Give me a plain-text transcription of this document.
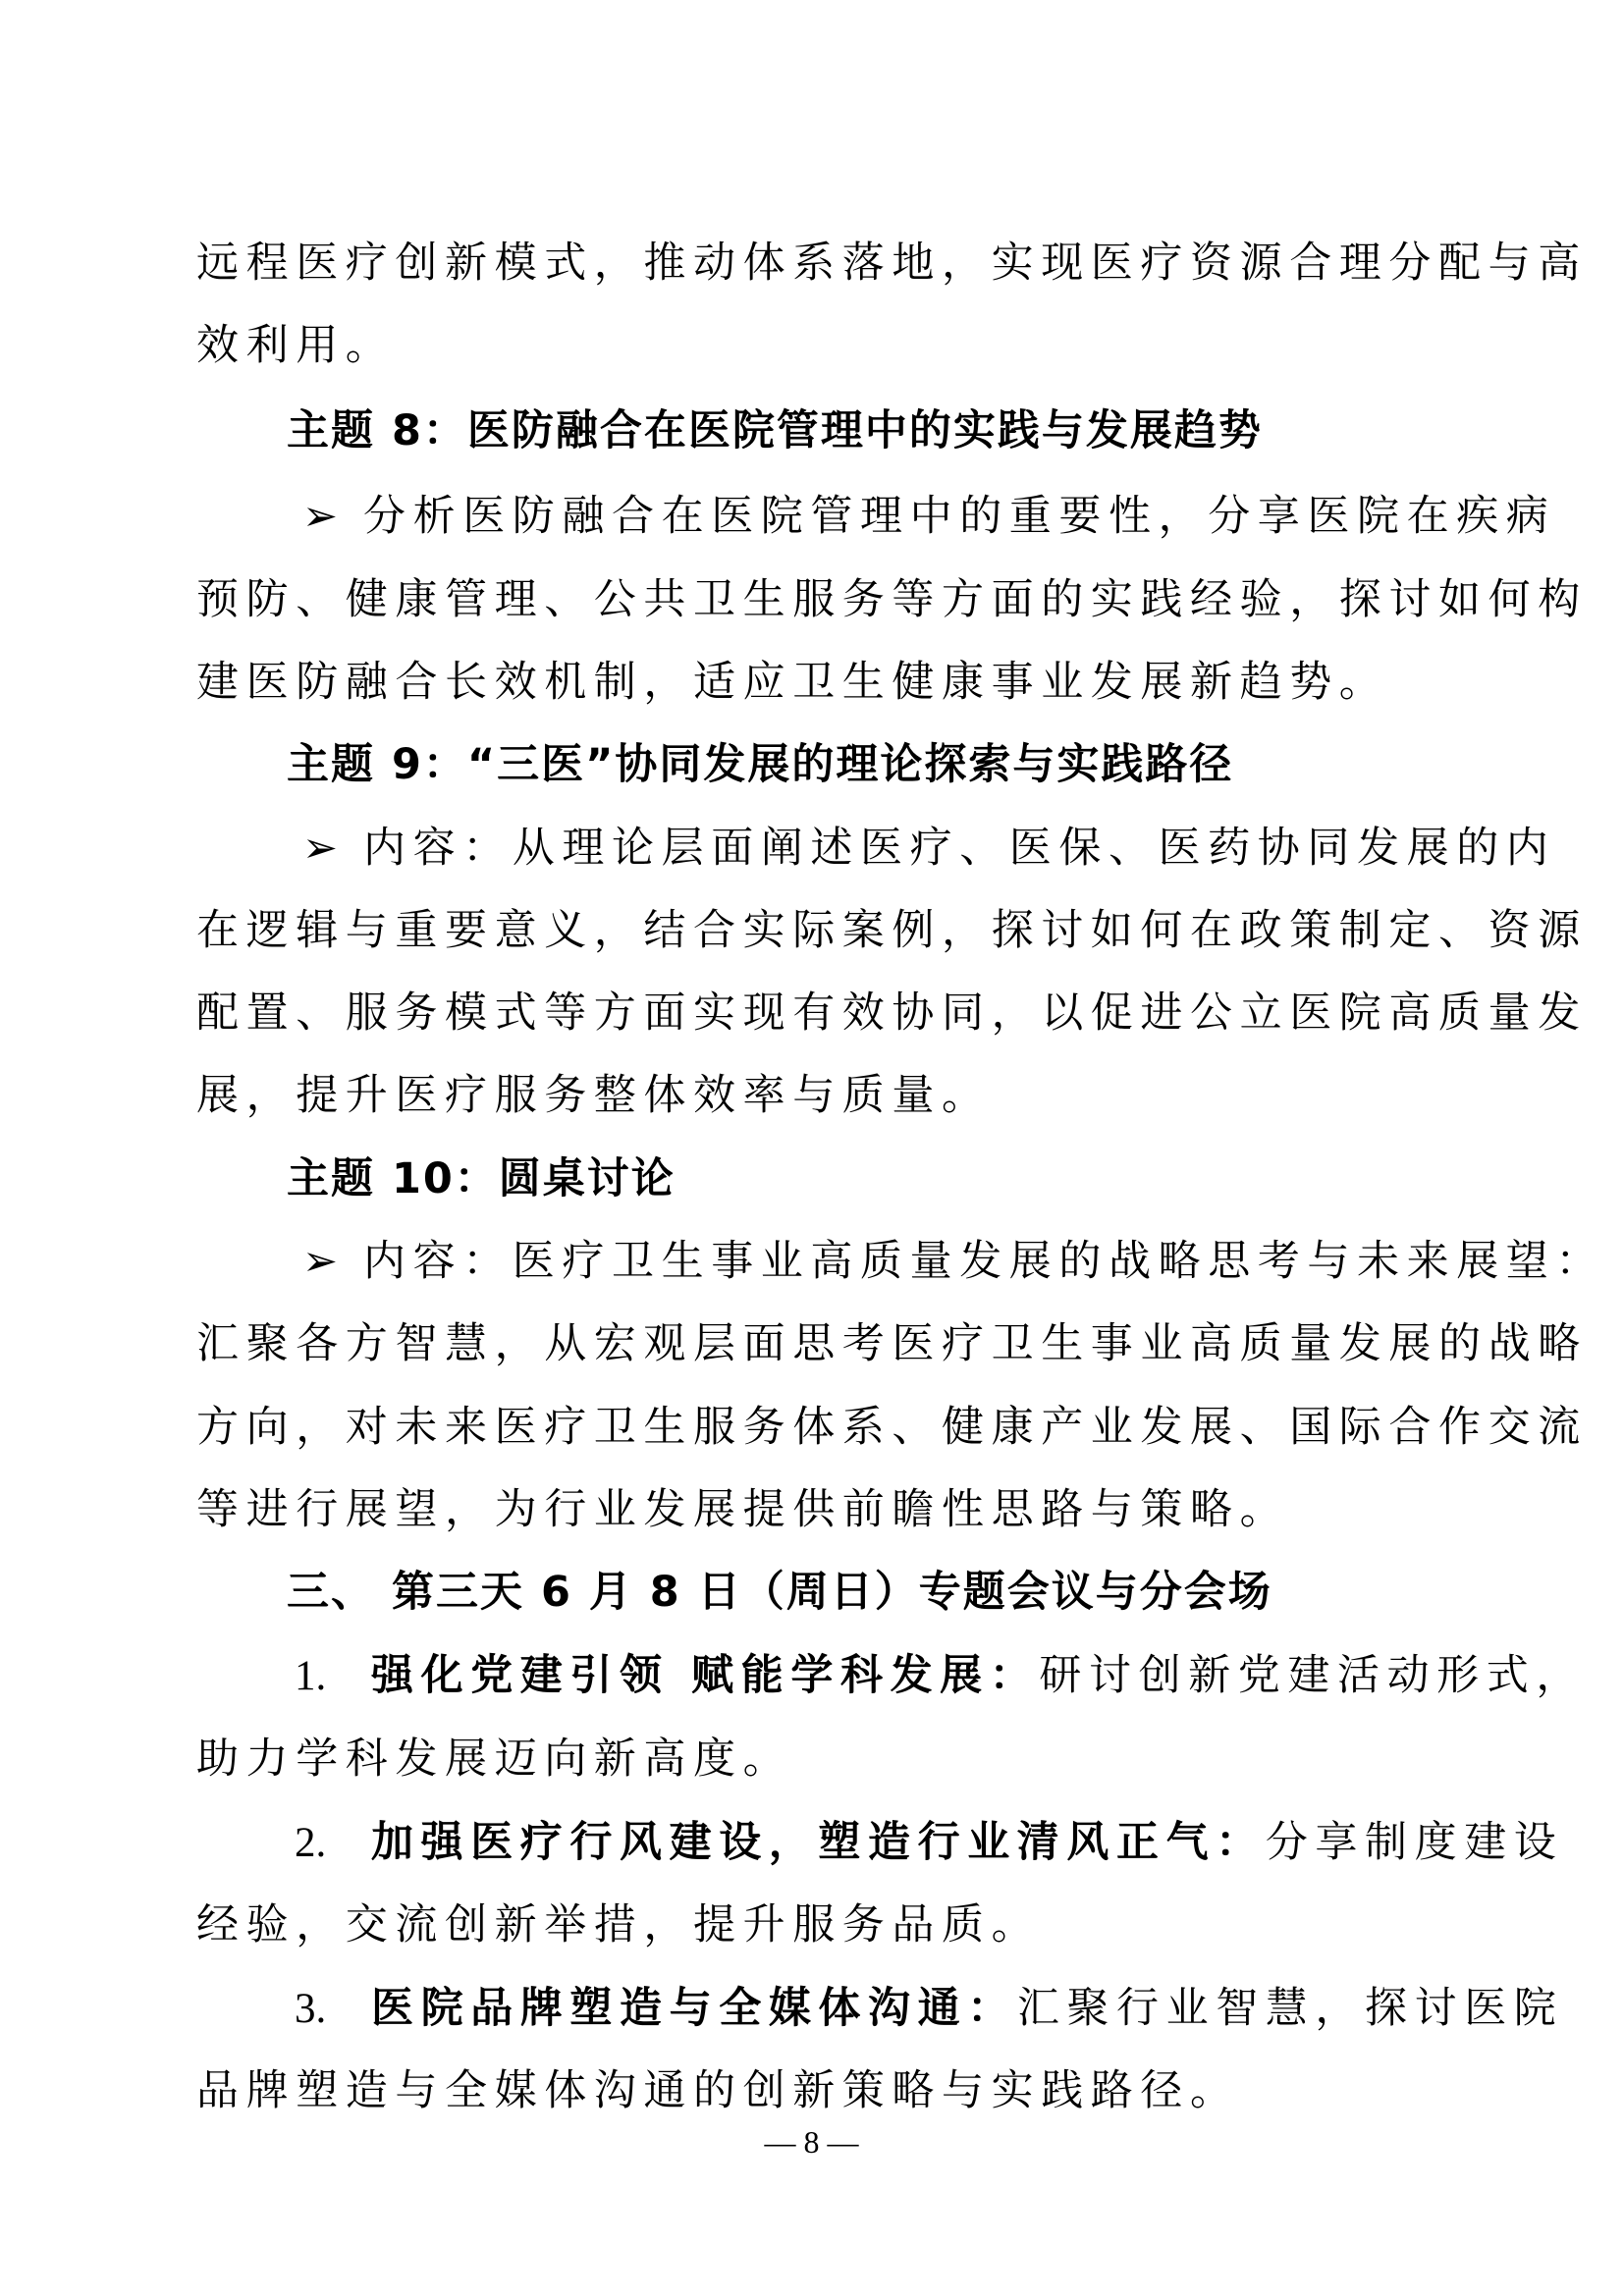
远程医疗创新模式，推动体系落地，实现医疗资源合理分配与高
效利用。
主题 8：医防融合在医院管理中的实践与发展趋势
➢ 分析医防融合在医院管理中的重要性，分享医院在疾病
预防、健康管理、公共卫生服务等方面的实践经验，探讨如何构
建医防融合长效机制，适应卫生健康事业发展新趋势。
主题 9：“三医”协同发展的理论探索与实践路径
➢ 内容：从理论层面阐述医疗、医保、医药协同发展的内
在逻辑与重要意义，结合实际案例，探讨如何在政策制定、资源
配置、服务模式等方面实现有效协同，以促进公立医院高质量发
展，提升医疗服务整体效率与质量。
主题 10：圆桌讨论
➢ 内容：医疗卫生事业高质量发展的战略思考与未来展望：
汇聚各方智慧，从宏观层面思考医疗卫生事业高质量发展的战略
方向，对未来医疗卫生服务体系、健康产业发展、国际合作交流
等进行展望，为行业发展提供前瞻性思路与策略。
三、 第三天 6 月 8 日（周日）专题会议与分会场
1. 强化党建引领 赋能学科发展：研讨创新党建活动形式，
助力学科发展迈向新高度。
2. 加强医疗行风建设，塑造行业清风正气：分享制度建设
经验，交流创新举措，提升服务品质。
3. 医院品牌塑造与全媒体沟通：汇聚行业智慧，探讨医院
品牌塑造与全媒体沟通的创新策略与实践路径。
— 8 —
